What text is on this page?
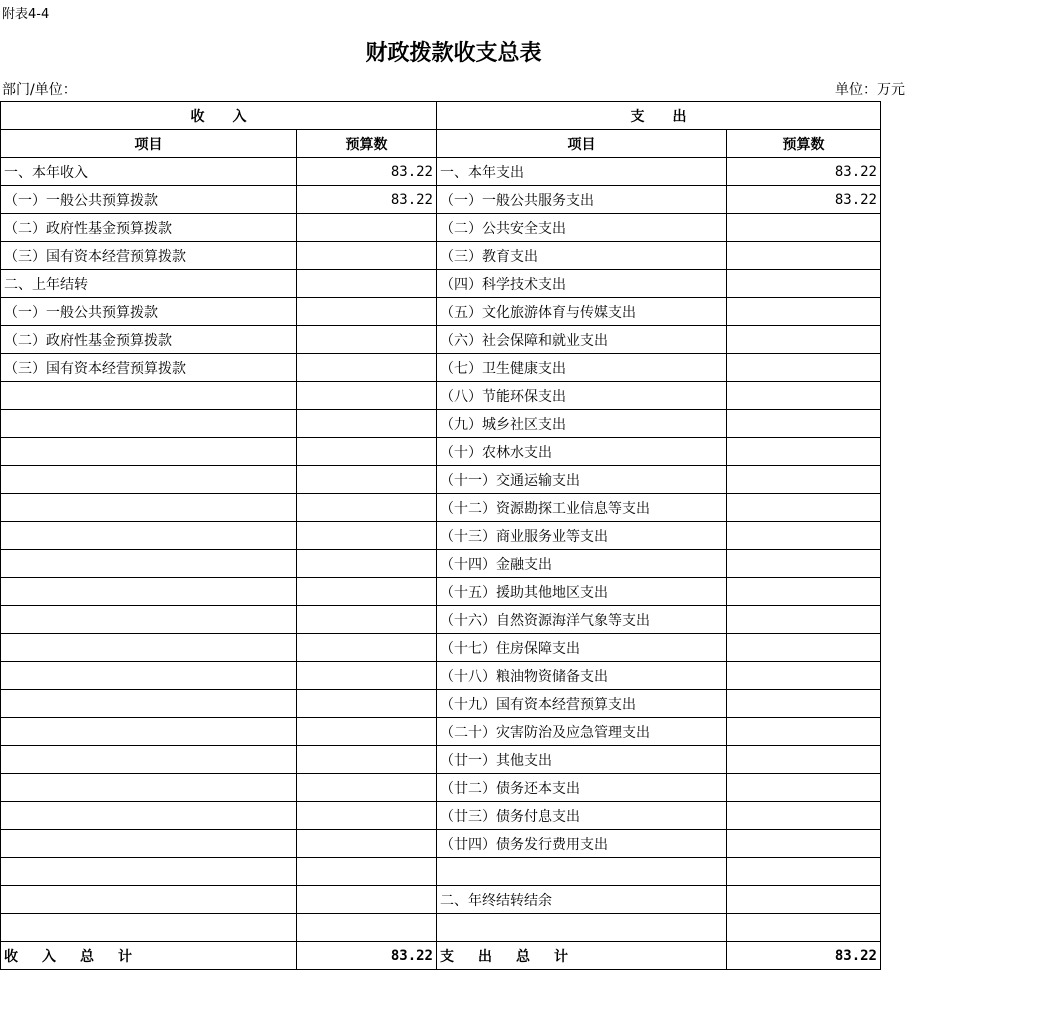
附表4-4
财政拨款收支总表
部门/单位：	单位：万元
收　　入		支　　出	
项目	预算数	项目	预算数
一、本年收入	83.22	一、本年支出	83.22
（一）一般公共预算拨款	83.22	（一）一般公共服务支出	83.22
（二）政府性基金预算拨款		（二）公共安全支出	
（三）国有资本经营预算拨款		（三）教育支出	
二、上年结转		（四）科学技术支出	
（一）一般公共预算拨款		（五）文化旅游体育与传媒支出	
（二）政府性基金预算拨款		（六）社会保障和就业支出	
（三）国有资本经营预算拨款		（七）卫生健康支出	
		（八）节能环保支出	
		（九）城乡社区支出	
		（十）农林水支出	
		（十一）交通运输支出	
		（十二）资源勘探工业信息等支出	
		（十三）商业服务业等支出	
		（十四）金融支出	
		（十五）援助其他地区支出	
		（十六）自然资源海洋气象等支出	
		（十七）住房保障支出	
		（十八）粮油物资储备支出	
		（十九）国有资本经营预算支出	
		（二十）灾害防治及应急管理支出	
		（廿一）其他支出	
		（廿二）债务还本支出	
		（廿三）债务付息支出	
		（廿四）债务发行费用支出	

		二、年终结转结余	

收入总计	83.22	支出总计	83.22
